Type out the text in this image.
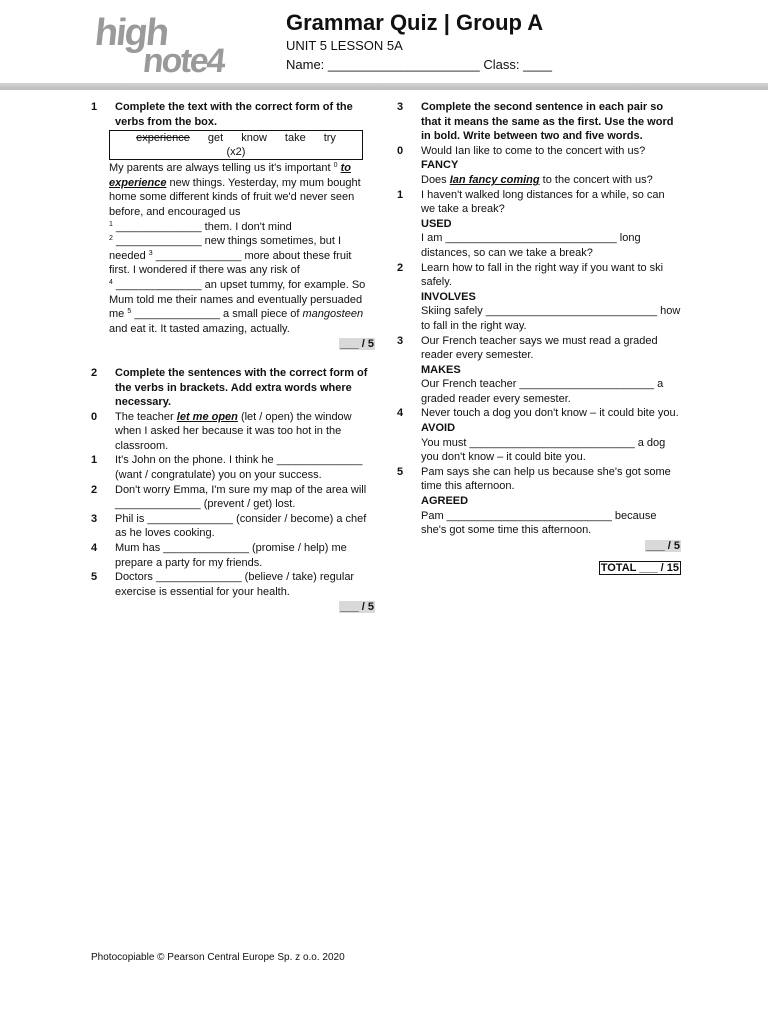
high
note4
Grammar Quiz | Group A
UNIT 5 LESSON 5A
Name: _____________________ Class: ____
1	Complete the text with the correct form of the verbs from the box.
experience get know take try
(x2)
My parents are always telling us it's important $^0$ to experience new things. Yesterday, my mum bought home some different kinds of fruit we'd never seen before, and encouraged us
$^1$ ______________ them. I don't mind
$^2$ ______________ new things sometimes, but I needed $^3$ ______________ more about these fruit first. I wondered if there was any risk of
$^4$ ______________ an upset tummy, for example. So Mum told me their names and eventually persuaded me $^5$ ______________ a small piece of mangosteen and eat it. It tasted amazing, actually.
___ / 5
2	Complete the sentences with the correct form of the verbs in brackets. Add extra words where necessary.
0	The teacher let me open (let / open) the window when I asked her because it was too hot in the classroom.
1	It's John on the phone. I think he ______________ (want / congratulate) you on your success.
2	Don't worry Emma, I'm sure my map of the area will ______________ (prevent / get) lost.
3	Phil is ______________ (consider / become) a chef as he loves cooking.
4	Mum has ______________ (promise / help) me prepare a party for my friends.
5	Doctors ______________ (believe / take) regular exercise is essential for your health.
___ / 5
3	Complete the second sentence in each pair so that it means the same as the first. Use the word in bold. Write between two and five words.
0	Would Ian like to come to the concert with us?
FANCY
Does Ian fancy coming to the concert with us?
1	I haven't walked long distances for a while, so can we take a break?
USED
I am ____________________________ long distances, so can we take a break?
2	Learn how to fall in the right way if you want to ski safely.
INVOLVES
Skiing safely ____________________________ how to fall in the right way.
3	Our French teacher says we must read a graded reader every semester.
MAKES
Our French teacher ______________________ a graded reader every semester.
4	Never touch a dog you don't know – it could bite you.
AVOID
You must ___________________________ a dog you don't know – it could bite you.
5	Pam says she can help us because she's got some time this afternoon.
AGREED
Pam ___________________________ because she's got some time this afternoon.
___ / 5
TOTAL ___ / 15
Photocopiable © Pearson Central Europe Sp. z o.o. 2020
